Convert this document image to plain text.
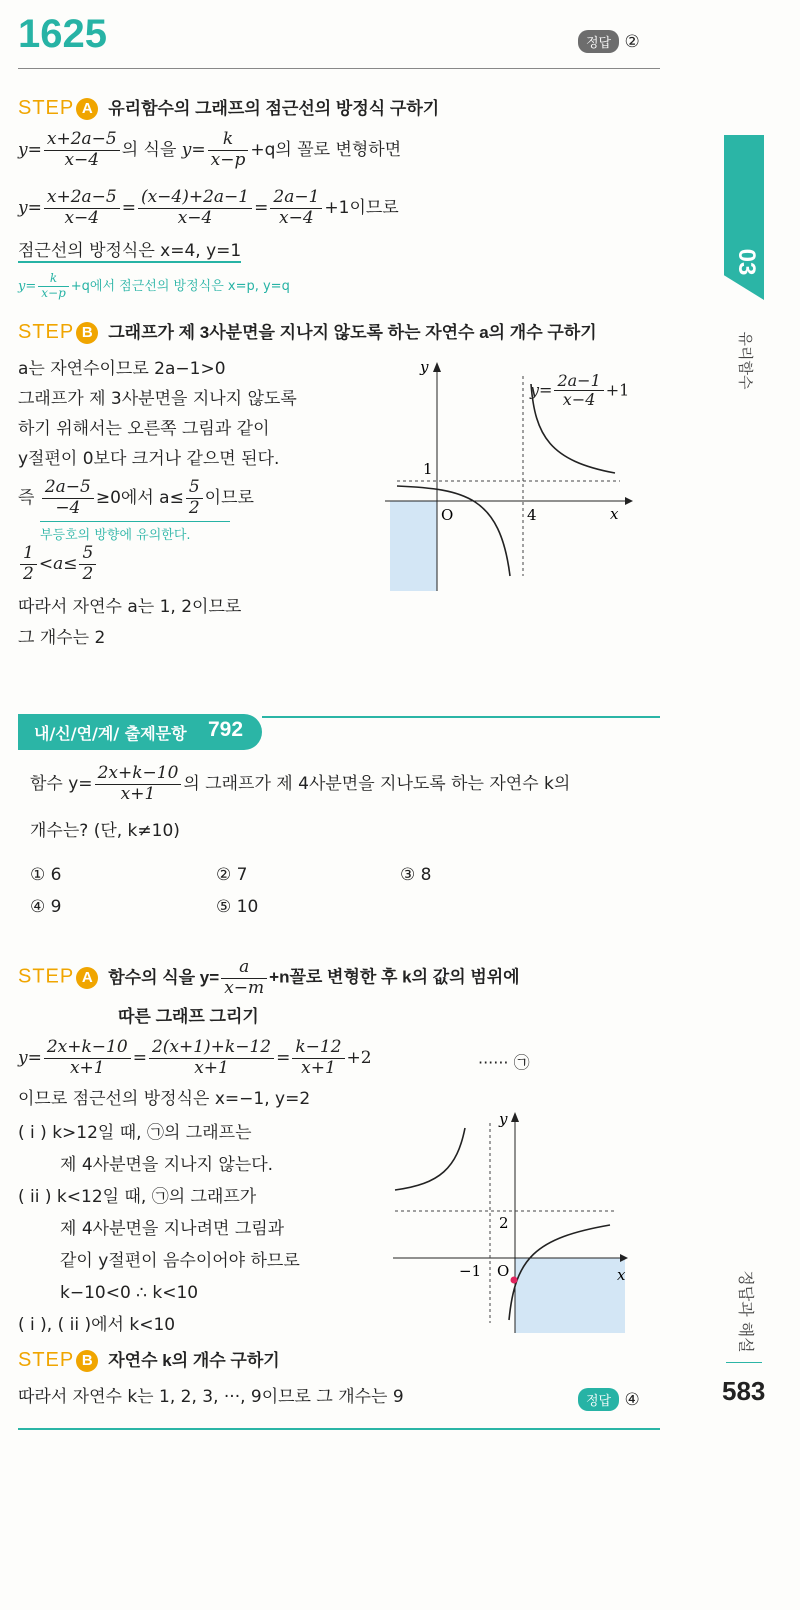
1625	정답 ②
STEP A 유리함수의 그래프의 점근선의 방정식 구하기
$y= \frac{x+2a-5}{x-4}$ 의 식을 $y= \frac{k}{x-p} +q$의 꼴로 변형하면
$y= \frac{x+2a-5}{x-4} = \frac{(x-4)+2a-1}{x-4} = \frac{2a-1}{x-4} +1$이므로
점근선의 방정식은 x=4, y=1
$y= \frac{k}{x-p} +q$에서 점근선의 방정식은 x=p, y=q
STEP B 그래프가 제 3사분면을 지나지 않도록 하는 자연수 a의 개수 구하기
a는 자연수이므로 2a−1>0
그래프가 제 3사분면을 지나지 않도록
하기 위해서는 오른쪽 그림과 같이
y절편이 0보다 크거나 같으면 된다.
즉 $\frac{2a-5}{-4} \ge 0$에서 $a\le \frac{5}{2}$ 이므로
부등호의 방향에 유의한다.
$\frac{1}{2} <a\le \frac{5}{2}$
따라서 자연수 a는 1, 2이므로
그 개수는 2
y
x
O
1
4
$y= \frac{2a-1}{x-4} +1$
03
유리함수
내/신/연/계/ 출제문항 792
함수 $y= \frac{2x+k-10}{x+1}$ 의 그래프가 제 4사분면을 지나도록 하는 자연수 k의
개수는? (단, k≠10)
① 6	② 7	③ 8
④ 9	⑤ 10
STEP A 함수의 식을 $y= \frac{a}{x-m} +n$꼴로 변형한 후 k의 값의 범위에
따른 그래프 그리기
$y= \frac{2x+k-10}{x+1} = \frac{2(x+1)+k-12}{x+1} = \frac{k-12}{x+1} +2$	······ ㉠
이므로 점근선의 방정식은 x=−1, y=2
( i ) k>12일 때, ㉠의 그래프는
제 4사분면을 지나지 않는다.
( ii ) k<12일 때, ㉠의 그래프가
제 4사분면을 지나려면 그림과
같이 y절편이 음수이어야 하므로
k−10<0 ∴ k<10
( i ), ( ii )에서 k<10
y
x
O
2
−1
STEP B 자연수 k의 개수 구하기
따라서 자연수 k는 1, 2, 3, ···, 9이므로 그 개수는 9	정답 ④
정답과 해설
583
